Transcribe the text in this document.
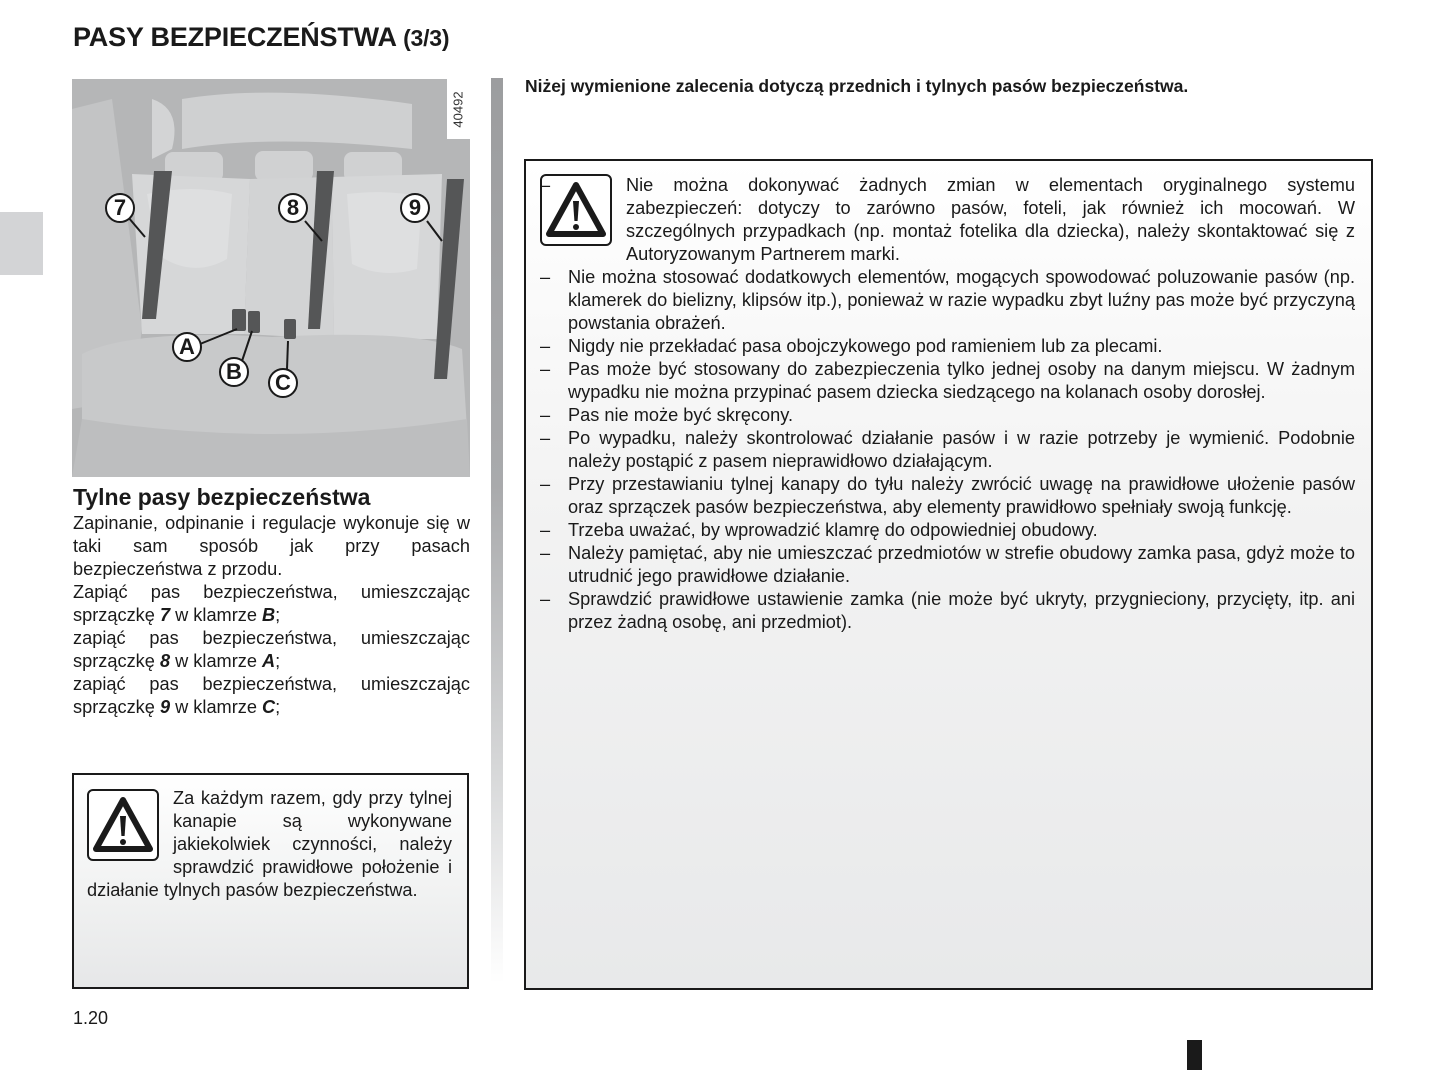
PASY BEZPIECZEŃSTWA (3/3)
40492
7	8	9
A
B	C
Tylne pasy bezpieczeństwa

Zapinanie, odpinanie i regulacje wykonuje się w taki sam sposób jak przy pasach bezpieczeństwa z przodu.

Zapiąć pas bezpieczeństwa, umieszczając sprzączkę 7 w klamrze B;

zapiąć pas bezpieczeństwa, umieszczając sprzączkę 8 w klamrze A;

zapiąć pas bezpieczeństwa, umieszczając sprzączkę 9 w klamrze C;

Za każdym razem, gdy przy tylnej kanapie są wykonywane jakiekolwiek czynności, należy sprawdzić prawidłowe położenie i działanie tylnych pasów bezpieczeństwa.
Niżej wymienione zalecenia dotyczą przednich i tylnych pasów bezpieczeństwa.
– Nie można dokonywać żadnych zmian w elementach oryginalnego systemu zabezpieczeń: dotyczy to zarówno pasów, foteli, jak również ich mocowań. W szczególnych przypadkach (np. montaż fotelika dla dziecka), należy skontaktować się z Autoryzowanym Partnerem marki.
– Nie można stosować dodatkowych elementów, mogących spowodować poluzowanie pasów (np. klamerek do bielizny, klipsów itp.), ponieważ w razie wypadku zbyt luźny pas może być przyczyną powstania obrażeń.
– Nigdy nie przekładać pasa obojczykowego pod ramieniem lub za plecami.
– Pas może być stosowany do zabezpieczenia tylko jednej osoby na danym miejscu. W żadnym wypadku nie można przypinać pasem dziecka siedzącego na kolanach osoby dorosłej.
– Pas nie może być skręcony.
– Po wypadku, należy skontrolować działanie pasów i w razie potrzeby je wymienić. Podobnie należy postąpić z pasem nieprawidłowo działającym.
– Przy przestawianiu tylnej kanapy do tyłu należy zwrócić uwagę na prawidłowe ułożenie pasów oraz sprzączek pasów bezpieczeństwa, aby elementy prawidłowo spełniały swoją funkcję.
– Trzeba uważać, by wprowadzić klamrę do odpowiedniej obudowy.
– Należy pamiętać, aby nie umieszczać przedmiotów w strefie obudowy zamka pasa, gdyż może to utrudnić jego prawidłowe działanie.
– Sprawdzić prawidłowe ustawienie zamka (nie może być ukryty, przygnieciony, przycięty, itp. ani przez żadną osobę, ani przedmiot).
1.20
